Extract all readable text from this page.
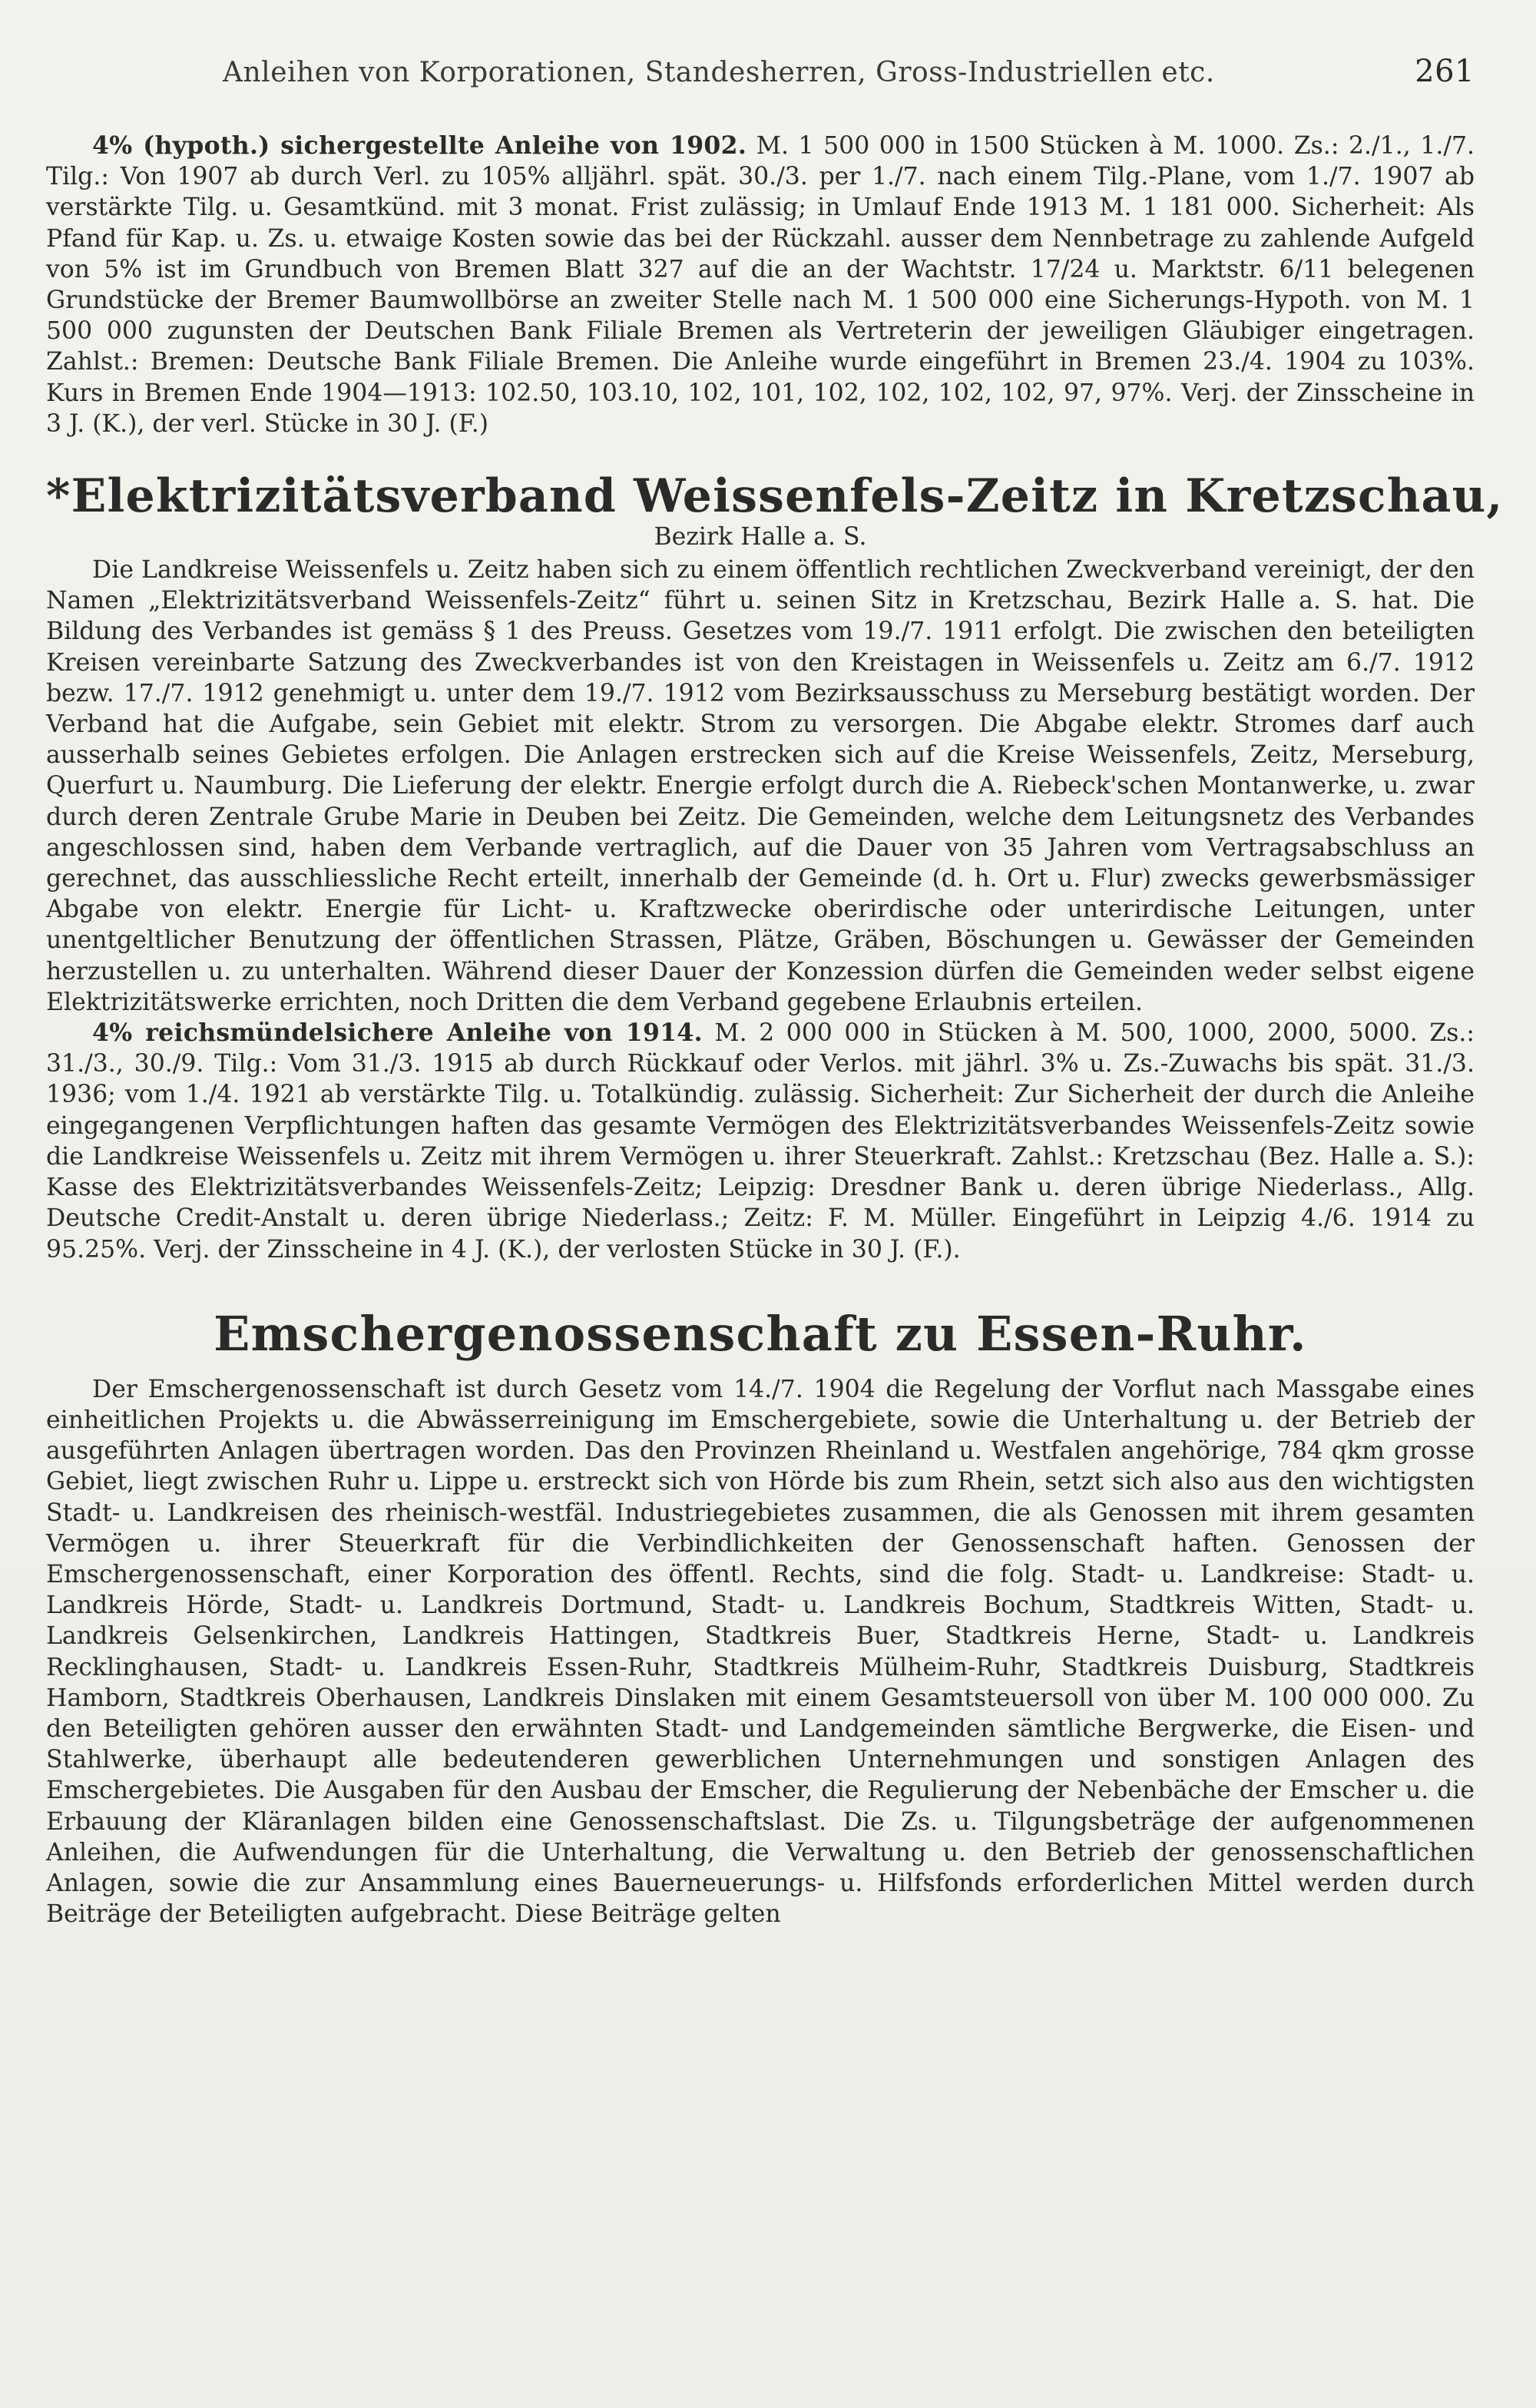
Anleihen von Korporationen, Standesherren, Gross-Industriellen etc.	261

4% (hypoth.) sichergestellte Anleihe von 1902. M. 1 500 000 in 1500 Stücken à M. 1000. Zs.: 2./1., 1./7. Tilg.: Von 1907 ab durch Verl. zu 105% alljährl. spät. 30./3. per 1./7. nach einem Tilg.-Plane, vom 1./7. 1907 ab verstärkte Tilg. u. Gesamtkünd. mit 3 monat. Frist zulässig; in Umlauf Ende 1913 M. 1 181 000. Sicherheit: Als Pfand für Kap. u. Zs. u. etwaige Kosten sowie das bei der Rückzahl. ausser dem Nennbetrage zu zahlende Aufgeld von 5% ist im Grundbuch von Bremen Blatt 327 auf die an der Wachtstr. 17/24 u. Marktstr. 6/11 belegenen Grundstücke der Bremer Baumwollbörse an zweiter Stelle nach M. 1 500 000 eine Sicherungs-Hypoth. von M. 1 500 000 zugunsten der Deutschen Bank Filiale Bremen als Vertreterin der jeweiligen Gläubiger eingetragen. Zahlst.: Bremen: Deutsche Bank Filiale Bremen. Die Anleihe wurde eingeführt in Bremen 23./4. 1904 zu 103%. Kurs in Bremen Ende 1904—1913: 102.50, 103.10, 102, 101, 102, 102, 102, 102, 97, 97%. Verj. der Zinsscheine in 3 J. (K.), der verl. Stücke in 30 J. (F.)

*Elektrizitätsverband Weissenfels-Zeitz in Kretzschau,
Bezirk Halle a. S.

Die Landkreise Weissenfels u. Zeitz haben sich zu einem öffentlich rechtlichen Zweckverband vereinigt, der den Namen „Elektrizitätsverband Weissenfels-Zeitz“ führt u. seinen Sitz in Kretzschau, Bezirk Halle a. S. hat. Die Bildung des Verbandes ist gemäss § 1 des Preuss. Gesetzes vom 19./7. 1911 erfolgt. Die zwischen den beteiligten Kreisen vereinbarte Satzung des Zweckverbandes ist von den Kreistagen in Weissenfels u. Zeitz am 6./7. 1912 bezw. 17./7. 1912 genehmigt u. unter dem 19./7. 1912 vom Bezirksausschuss zu Merseburg bestätigt worden. Der Verband hat die Aufgabe, sein Gebiet mit elektr. Strom zu versorgen. Die Abgabe elektr. Stromes darf auch ausserhalb seines Gebietes erfolgen. Die Anlagen erstrecken sich auf die Kreise Weissenfels, Zeitz, Merseburg, Querfurt u. Naumburg. Die Lieferung der elektr. Energie erfolgt durch die A. Riebeck'schen Montanwerke, u. zwar durch deren Zentrale Grube Marie in Deuben bei Zeitz. Die Gemeinden, welche dem Leitungsnetz des Verbandes angeschlossen sind, haben dem Verbande vertraglich, auf die Dauer von 35 Jahren vom Vertragsabschluss an gerechnet, das ausschliessliche Recht erteilt, innerhalb der Gemeinde (d. h. Ort u. Flur) zwecks gewerbsmässiger Abgabe von elektr. Energie für Licht- u. Kraftzwecke oberirdische oder unterirdische Leitungen, unter unentgeltlicher Benutzung der öffentlichen Strassen, Plätze, Gräben, Böschungen u. Gewässer der Gemeinden herzustellen u. zu unterhalten. Während dieser Dauer der Konzession dürfen die Gemeinden weder selbst eigene Elektrizitätswerke errichten, noch Dritten die dem Verband gegebene Erlaubnis erteilen.

4% reichsmündelsichere Anleihe von 1914. M. 2 000 000 in Stücken à M. 500, 1000, 2000, 5000. Zs.: 31./3., 30./9. Tilg.: Vom 31./3. 1915 ab durch Rückkauf oder Verlos. mit jährl. 3% u. Zs.-Zuwachs bis spät. 31./3. 1936; vom 1./4. 1921 ab verstärkte Tilg. u. Totalkündig. zulässig. Sicherheit: Zur Sicherheit der durch die Anleihe eingegangenen Verpflichtungen haften das gesamte Vermögen des Elektrizitätsverbandes Weissenfels-Zeitz sowie die Landkreise Weissenfels u. Zeitz mit ihrem Vermögen u. ihrer Steuerkraft. Zahlst.: Kretzschau (Bez. Halle a. S.): Kasse des Elektrizitätsverbandes Weissenfels-Zeitz; Leipzig: Dresdner Bank u. deren übrige Niederlass., Allg. Deutsche Credit-Anstalt u. deren übrige Niederlass.; Zeitz: F. M. Müller. Eingeführt in Leipzig 4./6. 1914 zu 95.25%. Verj. der Zinsscheine in 4 J. (K.), der verlosten Stücke in 30 J. (F.).

Emschergenossenschaft zu Essen-Ruhr.

Der Emschergenossenschaft ist durch Gesetz vom 14./7. 1904 die Regelung der Vorflut nach Massgabe eines einheitlichen Projekts u. die Abwässerreinigung im Emschergebiete, sowie die Unterhaltung u. der Betrieb der ausgeführten Anlagen übertragen worden. Das den Provinzen Rheinland u. Westfalen angehörige, 784 qkm grosse Gebiet, liegt zwischen Ruhr u. Lippe u. erstreckt sich von Hörde bis zum Rhein, setzt sich also aus den wichtigsten Stadt- u. Landkreisen des rheinisch-westfäl. Industriegebietes zusammen, die als Genossen mit ihrem gesamten Vermögen u. ihrer Steuerkraft für die Verbindlichkeiten der Genossenschaft haften. Genossen der Emschergenossenschaft, einer Korporation des öffentl. Rechts, sind die folg. Stadt- u. Landkreise: Stadt- u. Landkreis Hörde, Stadt- u. Landkreis Dortmund, Stadt- u. Landkreis Bochum, Stadtkreis Witten, Stadt- u. Landkreis Gelsenkirchen, Landkreis Hattingen, Stadtkreis Buer, Stadtkreis Herne, Stadt- u. Landkreis Recklinghausen, Stadt- u. Landkreis Essen-Ruhr, Stadtkreis Mülheim-Ruhr, Stadtkreis Duisburg, Stadtkreis Hamborn, Stadtkreis Oberhausen, Landkreis Dinslaken mit einem Gesamtsteuersoll von über M. 100 000 000. Zu den Beteiligten gehören ausser den erwähnten Stadt- und Landgemeinden sämtliche Bergwerke, die Eisen- und Stahlwerke, überhaupt alle bedeutenderen gewerblichen Unternehmungen und sonstigen Anlagen des Emschergebietes. Die Ausgaben für den Ausbau der Emscher, die Regulierung der Nebenbäche der Emscher u. die Erbauung der Kläranlagen bilden eine Genossenschaftslast. Die Zs. u. Tilgungsbeträge der aufgenommenen Anleihen, die Aufwendungen für die Unterhaltung, die Verwaltung u. den Betrieb der genossenschaftlichen Anlagen, sowie die zur Ansammlung eines Bauerneuerungs- u. Hilfsfonds erforderlichen Mittel werden durch Beiträge der Beteiligten aufgebracht. Diese Beiträge gelten
